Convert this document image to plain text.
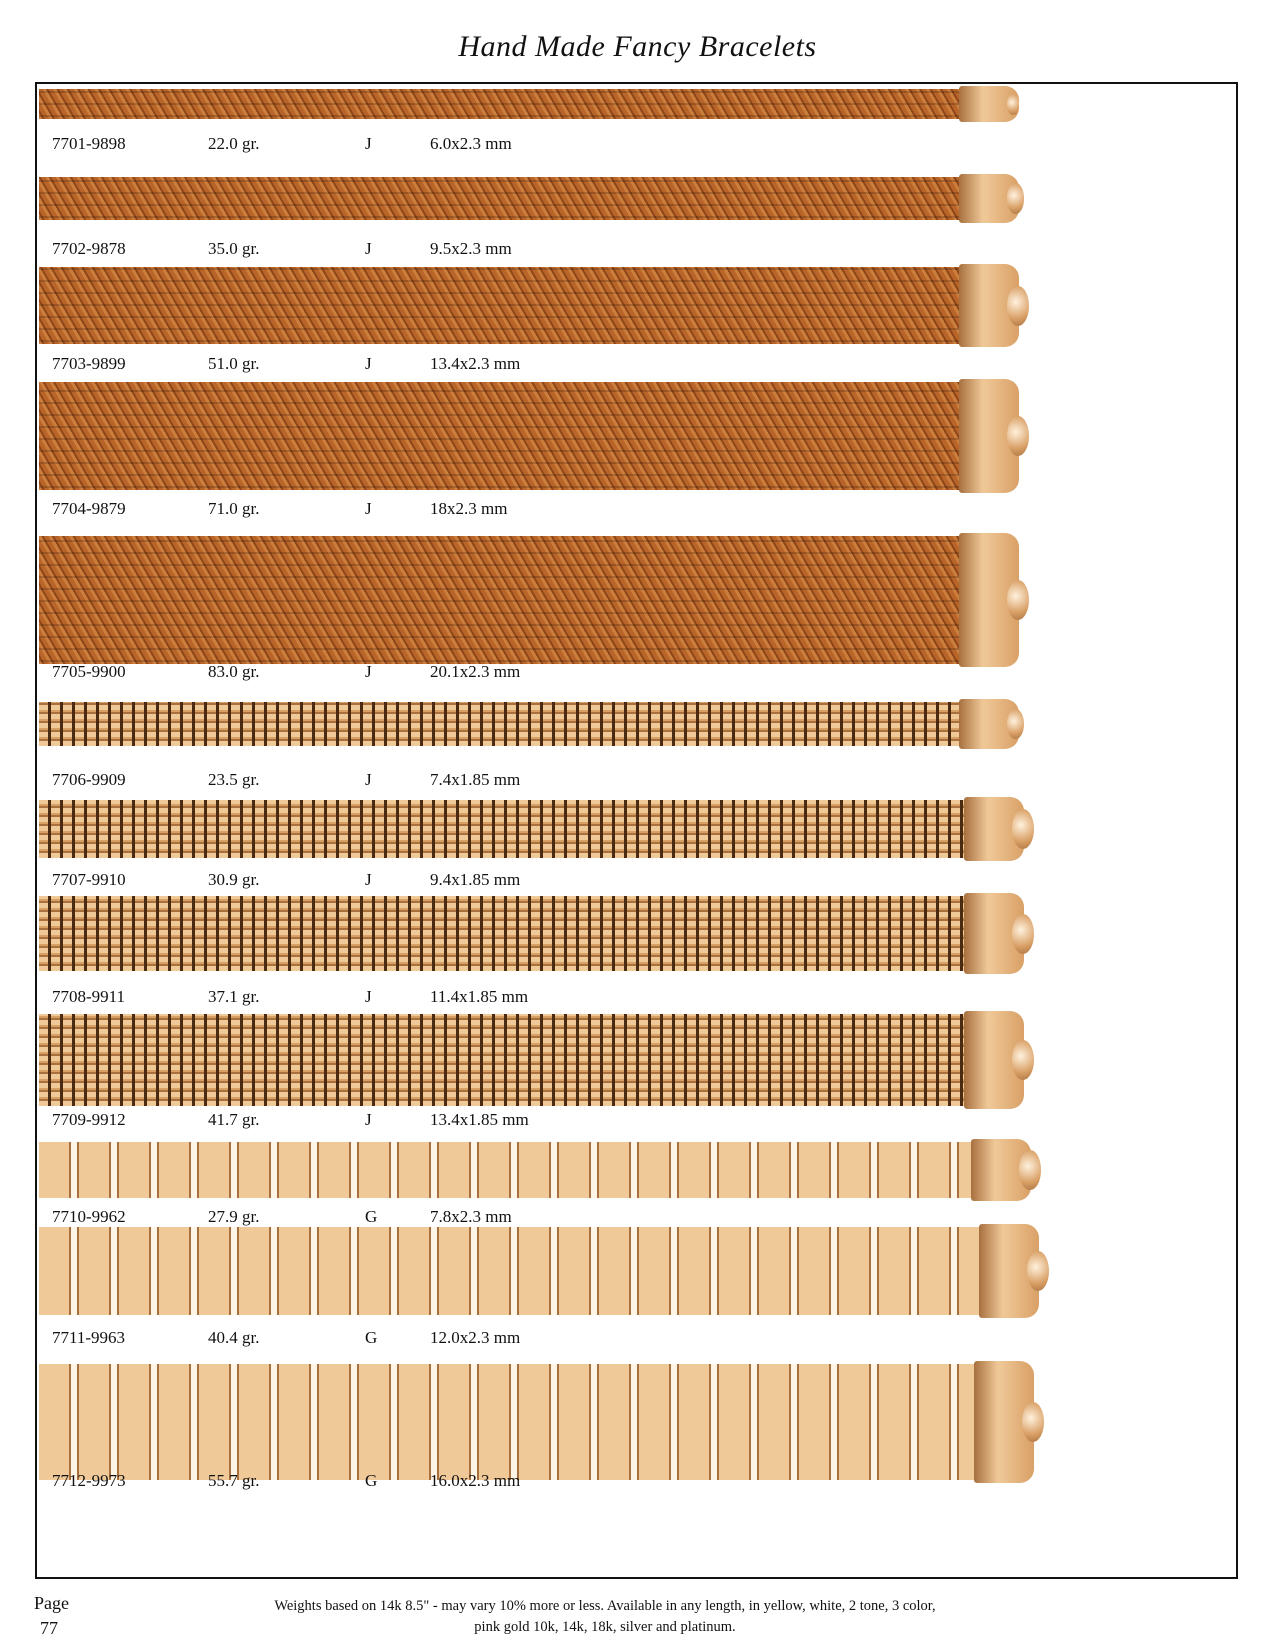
Hand Made Fancy Bracelets
7701-9898	22.0 gr.	J	6.0x2.3 mm
7702-9878	35.0 gr.	J	9.5x2.3 mm
7703-9899	51.0 gr.	J	13.4x2.3 mm
7704-9879	71.0 gr.	J	18x2.3 mm
7705-9900	83.0 gr.	J	20.1x2.3 mm
7706-9909	23.5 gr.	J	7.4x1.85 mm
7707-9910	30.9 gr.	J	9.4x1.85 mm
7708-9911	37.1 gr.	J	11.4x1.85 mm
7709-9912	41.7 gr.	J	13.4x1.85 mm
7710-9962	27.9 gr.	G	7.8x2.3 mm
7711-9963	40.4 gr.	G	12.0x2.3 mm
7712-9973	55.7 gr.	G	16.0x2.3 mm
Page
77
Weights based on 14k 8.5" - may vary 10% more or less. Available in any length, in yellow, white, 2 tone, 3 color,
pink gold 10k, 14k, 18k, silver and platinum.
